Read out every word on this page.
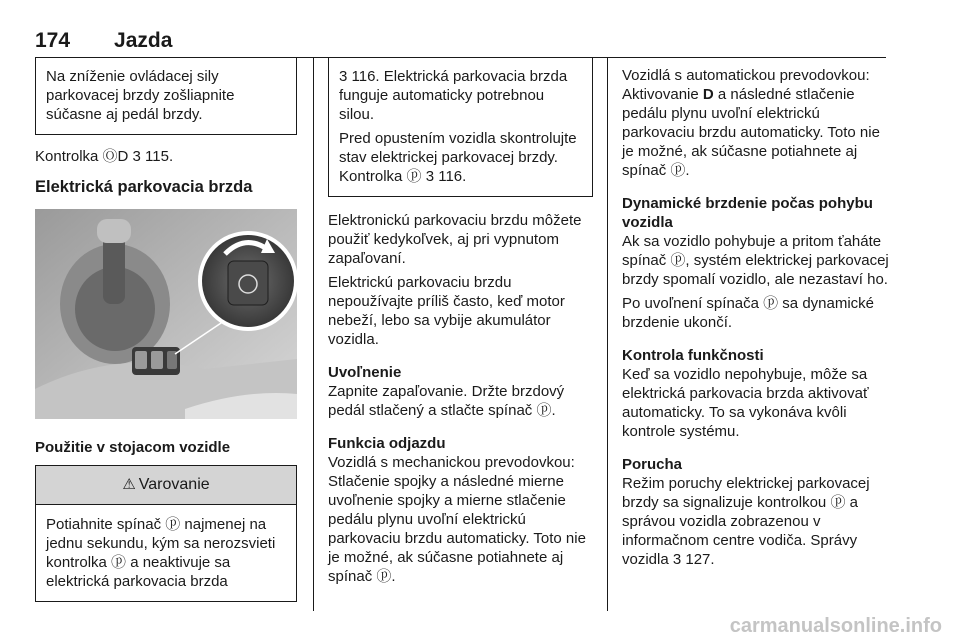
174 Jazda

Na zníženie ovládacej sily parkovacej brzdy zošliapnite súčasne aj pedál brzdy.

Kontrolka ⓄD 3 115.

Elektrická parkovacia brzda

Použitie v stojacom vozidle

⚠ Varovanie

Potiahnite spínač ⓟ najmenej na jednu sekundu, kým sa nerozsvieti kontrolka ⓟ a neaktivuje sa elektrická parkovacia brzda

3 116. Elektrická parkovacia brzda funguje automaticky potrebnou silou.

Pred opustením vozidla skontrolujte stav elektrickej parkovacej brzdy. Kontrolka ⓟ 3 116.

Elektronickú parkovaciu brzdu môžete použiť kedykoľvek, aj pri vypnutom zapaľovaní.

Elektrickú parkovaciu brzdu nepoužívajte príliš často, keď motor nebeží, lebo sa vybije akumulátor vozidla.

Uvoľnenie

Zapnite zapaľovanie. Držte brzdový pedál stlačený a stlačte spínač ⓟ.

Funkcia odjazdu

Vozidlá s mechanickou prevodovkou: Stlačenie spojky a následné mierne uvoľnenie spojky a mierne stlačenie pedálu plynu uvoľní elektrickú parkovaciu brzdu automaticky. Toto nie je možné, ak súčasne potiahnete aj spínač ⓟ.

Vozidlá s automatickou prevodovkou: Aktivovanie D a následné stlačenie pedálu plynu uvoľní elektrickú parkovaciu brzdu automaticky. Toto nie je možné, ak súčasne potiahnete aj spínač ⓟ.

Dynamické brzdenie počas pohybu vozidla

Ak sa vozidlo pohybuje a pritom ťaháte spínač ⓟ, systém elektrickej parkovacej brzdy spomalí vozidlo, ale nezastaví ho.

Po uvoľnení spínača ⓟ sa dynamické brzdenie ukončí.

Kontrola funkčnosti

Keď sa vozidlo nepohybuje, môže sa elektrická parkovacia brzda aktivovať automaticky. To sa vykonáva kvôli kontrole systému.

Porucha

Režim poruchy elektrickej parkovacej brzdy sa signalizuje kontrolkou ⓟ a správou vozidla zobrazenou v informačnom centre vodiča. Správy vozidla 3 127.

carmanualsonline.info
